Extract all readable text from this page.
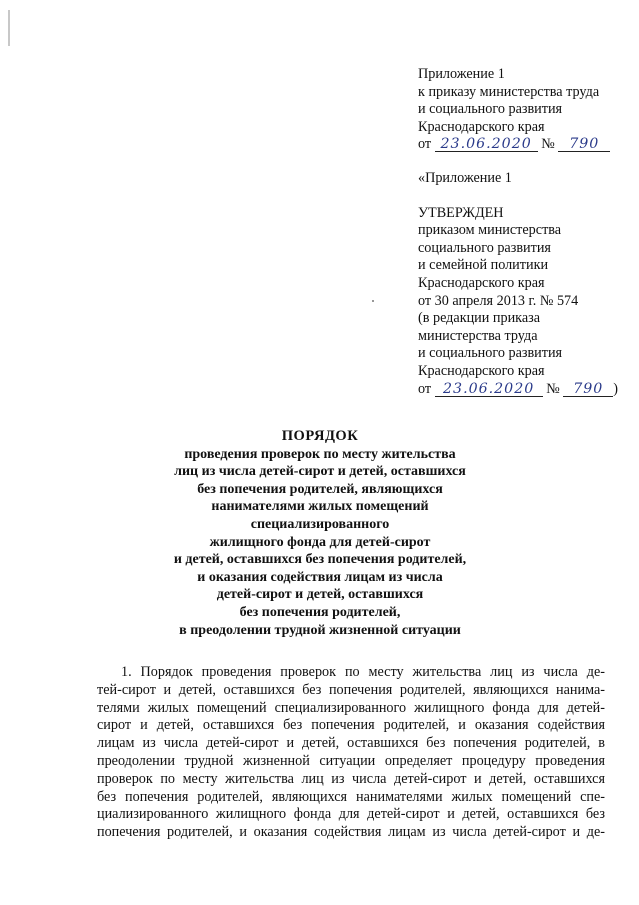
Приложение 1
к приказу министерства труда
и социального развития
Краснодарского края
от 23.06.2020 № 790
«Приложение 1
УТВЕРЖДЕН
приказом министерства
социального развития
и семейной политики
Краснодарского края
от 30 апреля 2013 г. № 574
(в редакции приказа
министерства труда
и социального развития
Краснодарского края
от 23.06.2020 № 790 )
ПОРЯДОК
проведения проверок по месту жительства
лиц из числа детей-сирот и детей, оставшихся
без попечения родителей, являющихся
нанимателями жилых помещений
специализированного
жилищного фонда для детей-сирот
и детей, оставшихся без попечения родителей,
и оказания содействия лицам из числа
детей-сирот и детей, оставшихся
без попечения родителей,
в преодолении трудной жизненной ситуации
1. Порядок проведения проверок по месту жительства лиц из числа де-
тей-сирот и детей, оставшихся без попечения родителей, являющихся нанима-
телями жилых помещений специализированного жилищного фонда для детей-
сирот и детей, оставшихся без попечения родителей, и оказания содействия
лицам из числа детей-сирот и детей, оставшихся без попечения родителей, в
преодолении трудной жизненной ситуации определяет процедуру проведения
проверок по месту жительства лиц из числа детей-сирот и детей, оставшихся
без попечения родителей, являющихся нанимателями жилых помещений спе-
циализированного жилищного фонда для детей-сирот и детей, оставшихся без
попечения родителей, и оказания содействия лицам из числа детей-сирот и де-
